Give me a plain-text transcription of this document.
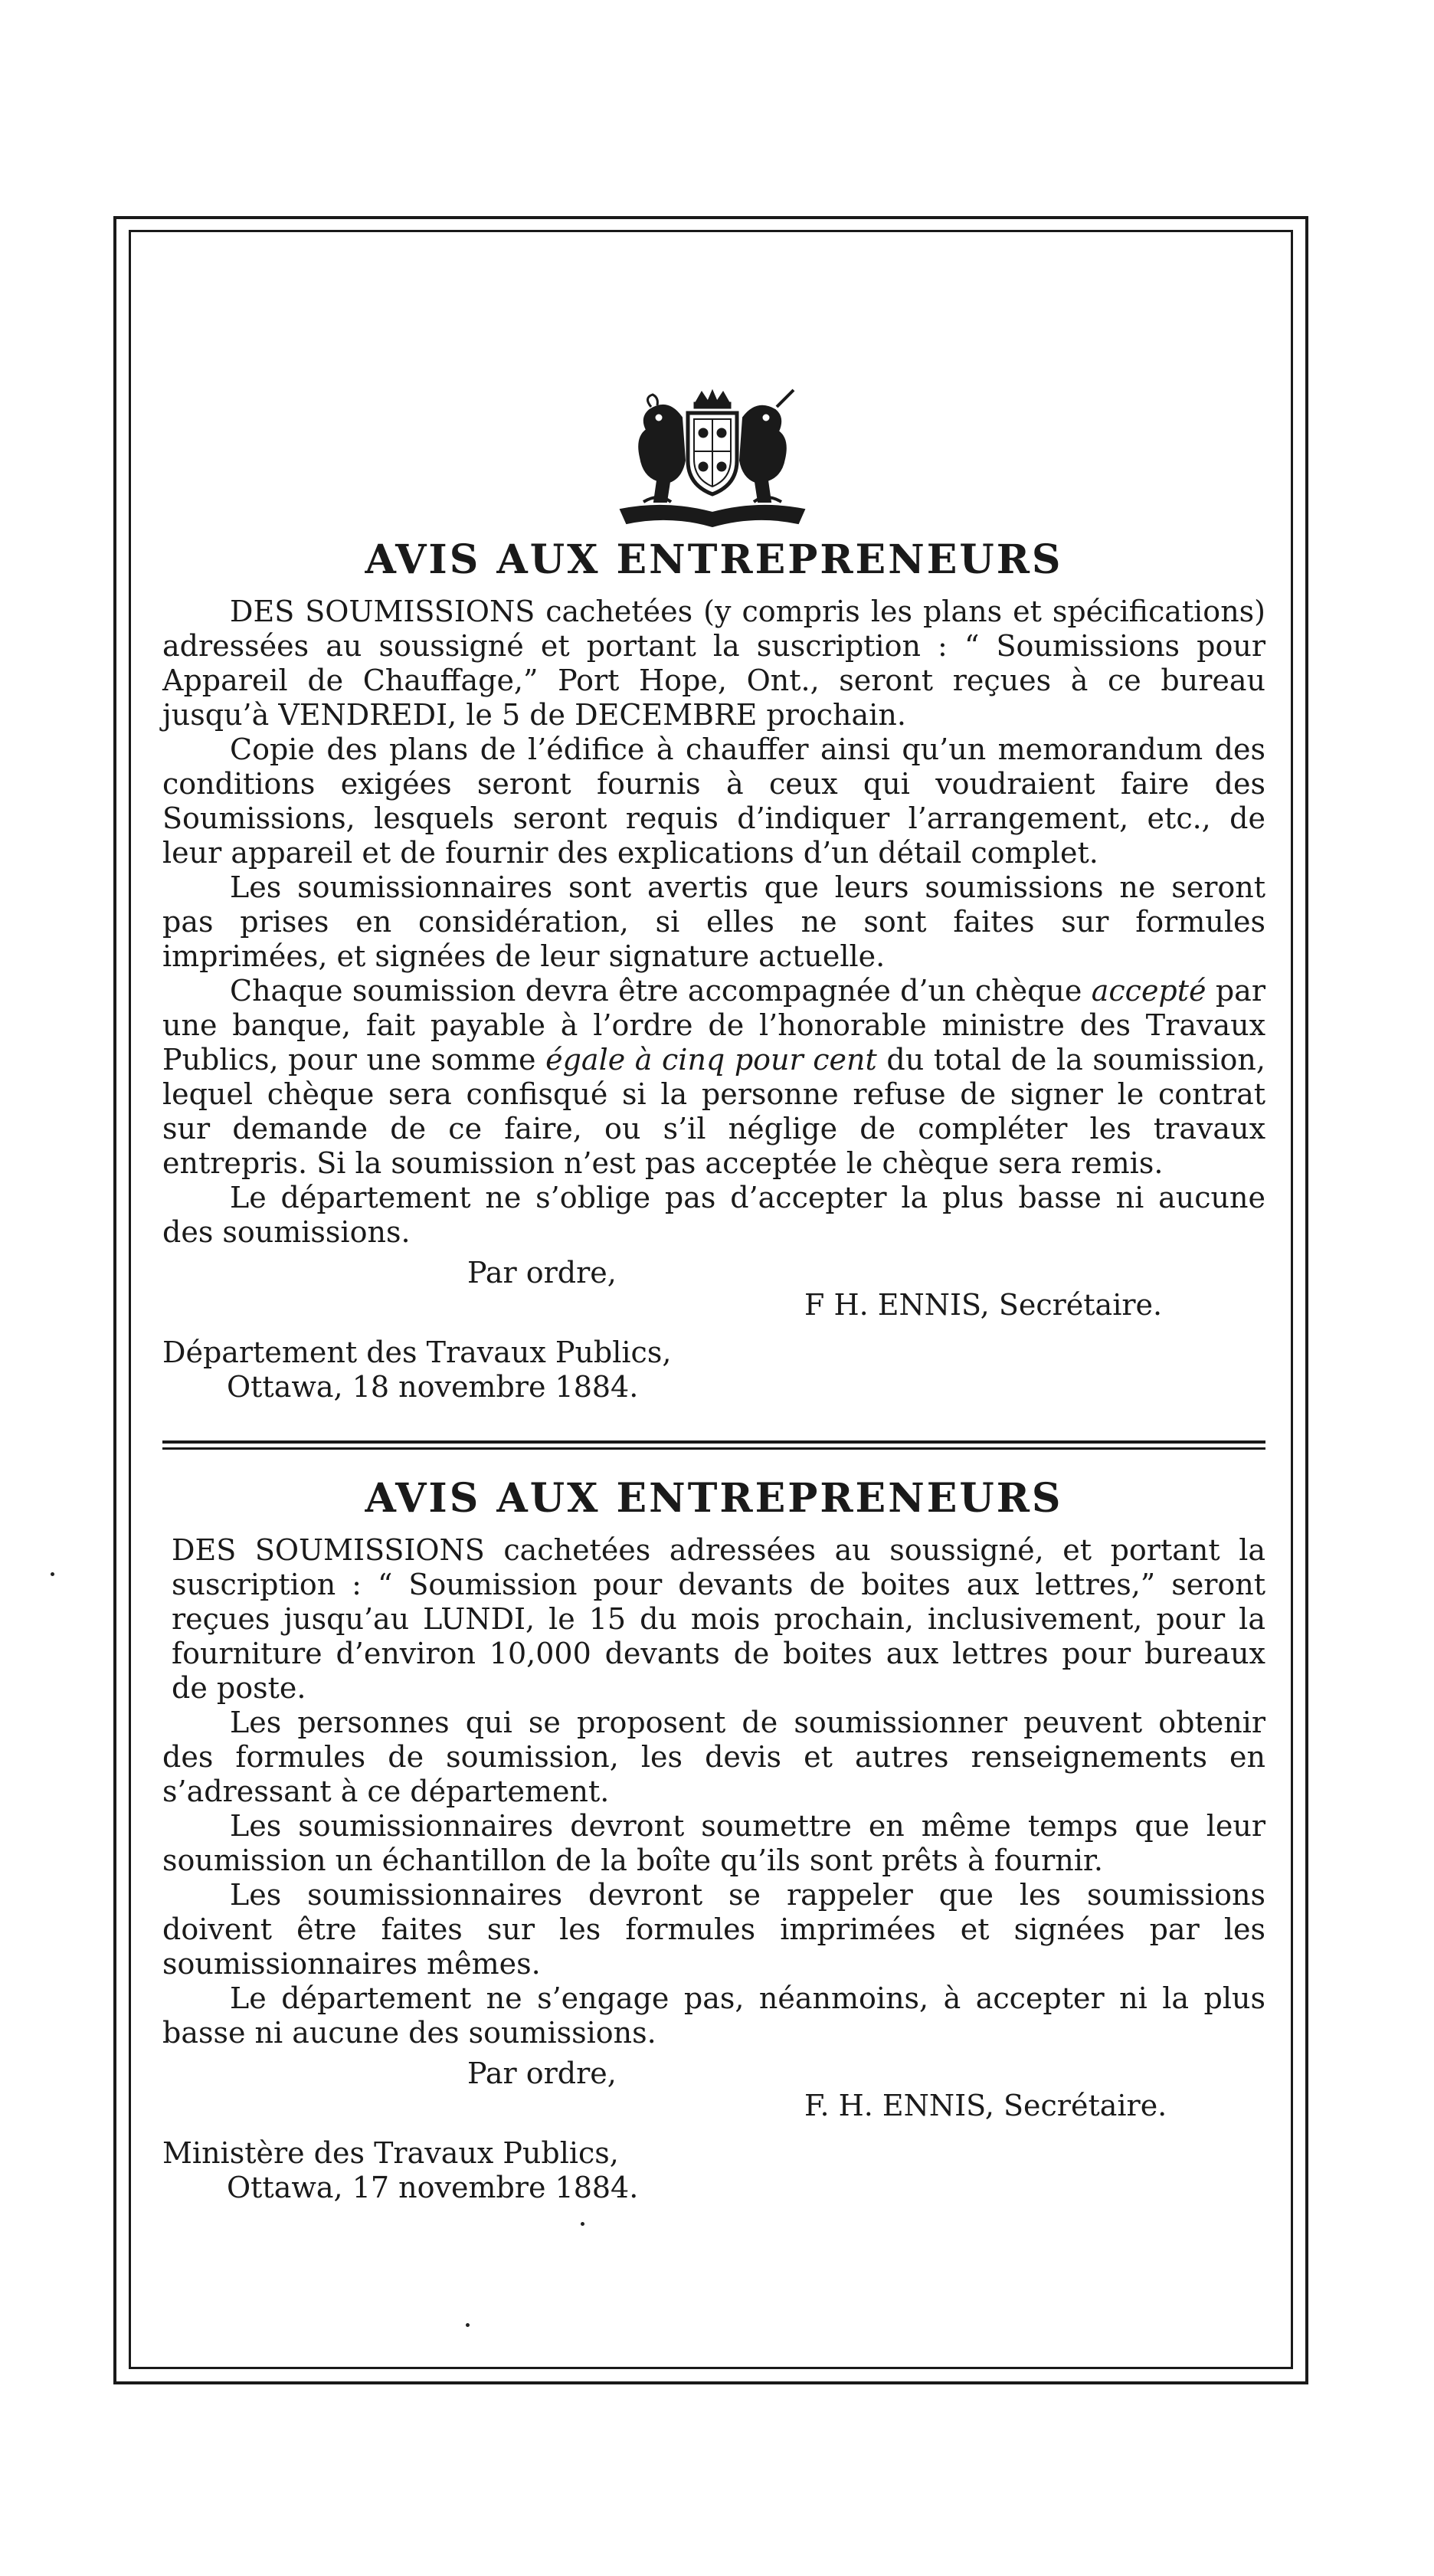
AVIS AUX ENTREPRENEURS

DES SOUMISSIONS cachetées (y compris les plans et spécifications) adressées au soussigné et portant la suscription : “ Soumissions pour Appareil de Chauffage,” Port Hope, Ont., seront reçues à ce bureau jusqu’à VENDREDI, le 5 de DECEMBRE prochain.

Copie des plans de l’édifice à chauffer ainsi qu’un memorandum des conditions exigées seront fournis à ceux qui voudraient faire des Soumissions, lesquels seront requis d’indiquer l’arrangement, etc., de leur appareil et de fournir des explications d’un détail complet.

Les soumissionnaires sont avertis que leurs soumissions ne seront pas prises en considération, si elles ne sont faites sur formules imprimées, et signées de leur signature actuelle.

Chaque soumission devra être accompagnée d’un chèque accepté par une banque, fait payable à l’ordre de l’honorable ministre des Travaux Publics, pour une somme égale à cinq pour cent du total de la soumission, lequel chèque sera confisqué si la personne refuse de signer le contrat sur demande de ce faire, ou s’il néglige de compléter les travaux entrepris. Si la soumission n’est pas acceptée le chèque sera remis.

Le département ne s’oblige pas d’accepter la plus basse ni aucune des soumissions.

Par ordre,
F H. ENNIS, Secrétaire.
Département des Travaux Publics,
Ottawa, 18 novembre 1884.
AVIS AUX ENTREPRENEURS

DES SOUMISSIONS cachetées adressées au soussigné, et portant la suscription : “ Soumission pour devants de boites aux lettres,” seront reçues jusqu’au LUNDI, le 15 du mois prochain, inclusivement, pour la fourniture d’environ 10,000 devants de boites aux lettres pour bureaux de poste.

Les personnes qui se proposent de soumissionner peuvent obtenir des formules de soumission, les devis et autres renseignements en s’adressant à ce département.

Les soumissionnaires devront soumettre en même temps que leur soumission un échantillon de la boîte qu’ils sont prêts à fournir.

Les soumissionnaires devront se rappeler que les soumissions doivent être faites sur les formules imprimées et signées par les soumissionnaires mêmes.

Le département ne s’engage pas, néanmoins, à accepter ni la plus basse ni aucune des soumissions.

Par ordre,
F. H. ENNIS, Secrétaire.
Ministère des Travaux Publics,
Ottawa, 17 novembre 1884.
